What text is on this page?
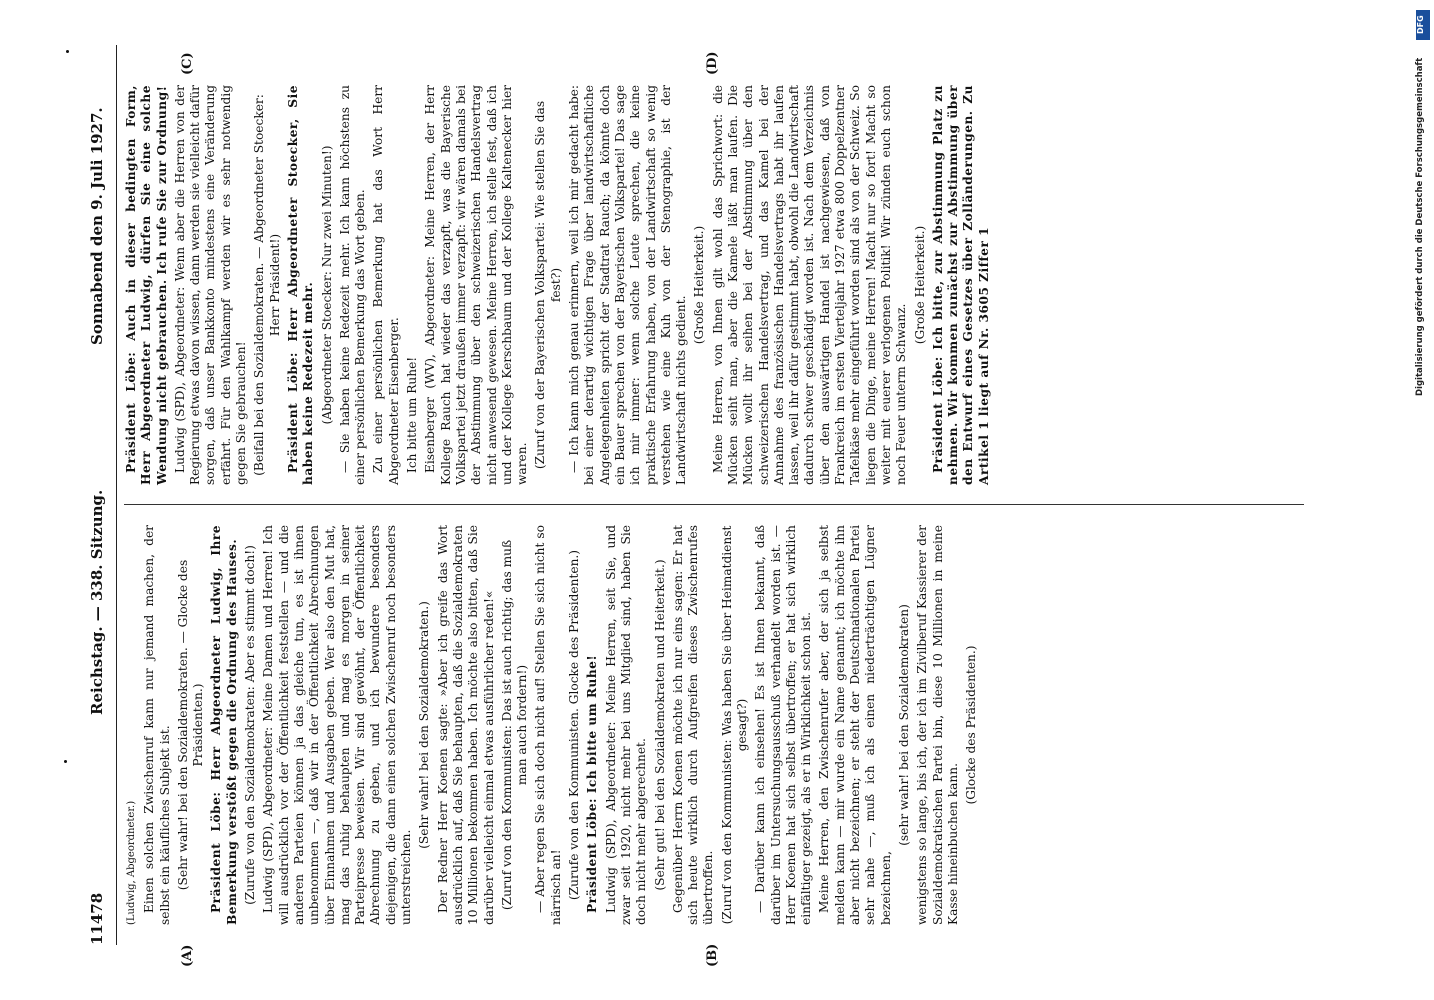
11478
Reichstag. — 338. Sitzung.
Sonnabend den 9. Juli 1927.
(A)	(B)
(C)	(D)

(Ludwig, Abgeordneter.) Einen solchen Zwischenruf kann nur jemand machen, der selbst ein käufliches Subjekt ist. (Sehr wahr! bei den Sozialdemokraten. — Glocke des Präsidenten.) Präsident Löbe: Herr Abgeordneter Ludwig, Ihre Bemerkung verstößt gegen die Ordnung des Hauses. (Zurufe von den Sozialdemokraten: Aber es stimmt doch!) Ludwig (SPD), Abgeordneter: Meine Damen und Herren! Ich will ausdrücklich vor der Öffentlichkeit feststellen — und die anderen Parteien können ja das gleiche tun, es ist ihnen unbenommen —, daß wir in der Öffentlichkeit Abrechnungen über Einnahmen und Ausgaben geben. Wer also den Mut hat, mag das ruhig behaupten und mag es morgen in seiner Parteipresse beweisen. Wir sind gewöhnt, der Öffentlichkeit Abrechnung zu geben, und ich bewundere besonders diejenigen, die dann einen solchen Zwischenruf noch besonders unterstreichen.

(Sehr wahr! bei den Sozialdemokraten.) Der Redner Herr Koenen sagte: »Aber ich greife das Wort ausdrücklich auf, daß Sie behaupten, daß die Sozialdemokraten 10 Millionen bekommen haben. Ich möchte also bitten, daß Sie darüber vielleicht einmal etwas ausführlicher reden!« (Zuruf von den Kommunisten: Das ist auch richtig; das muß man auch fordern!) — Aber regen Sie sich doch nicht auf! Stellen Sie sich nicht so närrisch an! (Zurufe von den Kommunisten. Glocke des Präsidenten.) Präsident Löbe: Ich bitte um Ruhe! Ludwig (SPD), Abgeordneter: Meine Herren, seit Sie, und zwar seit 1920, nicht mehr bei uns Mitglied sind, haben Sie doch nicht mehr abgerechnet. (Sehr gut! bei den Sozialdemokraten und Heiterkeit.) Gegenüber Herrn Koenen möchte ich nur eins sagen: Er hat sich heute wirklich durch Aufgreifen dieses Zwischenrufes übertroffen. (Zuruf von den Kommunisten: Was haben Sie über Heimatdienst gesagt?) — Darüber kann ich einsehen! Es ist Ihnen bekannt, daß darüber im Untersuchungsausschuß verhandelt worden ist. — Herr Koenen hat sich selbst übertroffen; er hat sich wirklich einfältiger gezeigt, als er in Wirklichkeit schon ist. Meine Herren, den Zwischenrufer aber, der sich ja selbst melden kann — mir wurde ein Name genannt; ich möchte ihn aber nicht bezeichnen; er steht der Deutschnationalen Partei sehr nahe —, muß ich als einen niederträchtigen Lügner bezeichnen,

(sehr wahr! bei den Sozialdemokraten) wenigstens so lange, bis ich, der ich im Zivilberuf Kassierer der Sozialdemokratischen Partei bin, diese 10 Millionen in meine Kasse hineinbuchen kann.

(Glocke des Präsidenten.)

Präsident Löbe: Auch in dieser bedingten Form, Herr Abgeordneter Ludwig, dürfen Sie eine solche Wendung nicht gebrauchen. Ich rufe Sie zur Ordnung! Ludwig (SPD), Abgeordneter: Wenn aber die Herren von der Regierung etwas davon wissen, dann werden sie vielleicht dafür sorgen, daß unser Bankkonto mindestens eine Veränderung erfährt. Für den Wahlkampf werden wir es sehr notwendig gegen Sie gebrauchen! (Beifall bei den Sozialdemokraten. — Abgeordneter Stoecker: Herr Präsident!) Präsident Löbe: Herr Abgeordneter Stoecker, Sie haben keine Redezeit mehr. (Abgeordneter Stoecker: Nur zwei Minuten!) — Sie haben keine Redezeit mehr. Ich kann höchstens zu einer persönlichen Bemerkung das Wort geben. Zu einer persönlichen Bemerkung hat das Wort Herr Abgeordneter Eisenberger. Ich bitte um Ruhe! Eisenberger (WV), Abgeordneter: Meine Herren, der Herr Kollege Rauch hat wieder das verzapft, was die Bayerische Volkspartei jetzt draußen immer verzapft: wir wären damals bei der Abstimmung über den schweizerischen Handelsvertrag nicht anwesend gewesen. Meine Herren, ich stelle fest, daß ich und der Kollege Kerschbaum und der Kollege Kaltenecker hier waren. (Zuruf von der Bayerischen Volkspartei: Wie stellen Sie das fest?) — Ich kann mich genau erinnern, weil ich mir gedacht habe: bei einer derartig wichtigen Frage über landwirtschaftliche Angelegenheiten spricht der Stadtrat Rauch; da könnte doch ein Bauer sprechen von der Bayerischen Volkspartei! Das sage ich mir immer: wenn solche Leute sprechen, die keine praktische Erfahrung haben, von der Landwirtschaft so wenig verstehen wie eine Kuh von der Stenographie, ist der Landwirtschaft nichts gedient.

(Große Heiterkeit.) Meine Herren, von Ihnen gilt wohl das Sprichwort: die Mücken seiht man, aber die Kamele läßt man laufen. Die Mücken wollt ihr seihen bei der Abstimmung über den schweizerischen Handelsvertrag, und das Kamel bei der Annahme des französischen Handelsvertrags habt ihr laufen lassen, weil ihr dafür gestimmt habt, obwohl die Landwirtschaft dadurch schwer geschädigt worden ist. Nach dem Verzeichnis über den auswärtigen Handel ist nachgewiesen, daß von Frankreich im ersten Vierteljahr 1927 etwa 800 Doppelzentner Tafelkäse mehr eingeführt worden sind als von der Schweiz. So liegen die Dinge, meine Herren! Macht nur so fort! Macht so weiter mit euerer verlogenen Politik! Wir zünden euch schon noch Feuer unterm Schwanz.

(Große Heiterkeit.) Präsident Löbe: Ich bitte, zur Abstimmung Platz zu nehmen. Wir kommen zunächst zur Abstimmung über den Entwurf eines Gesetzes über Zolländerungen. Zu Artikel 1 liegt auf Nr. 3605 Ziffer 1

DFG
Digitalisierung gefördert durch die Deutsche Forschungsgemeinschaft
